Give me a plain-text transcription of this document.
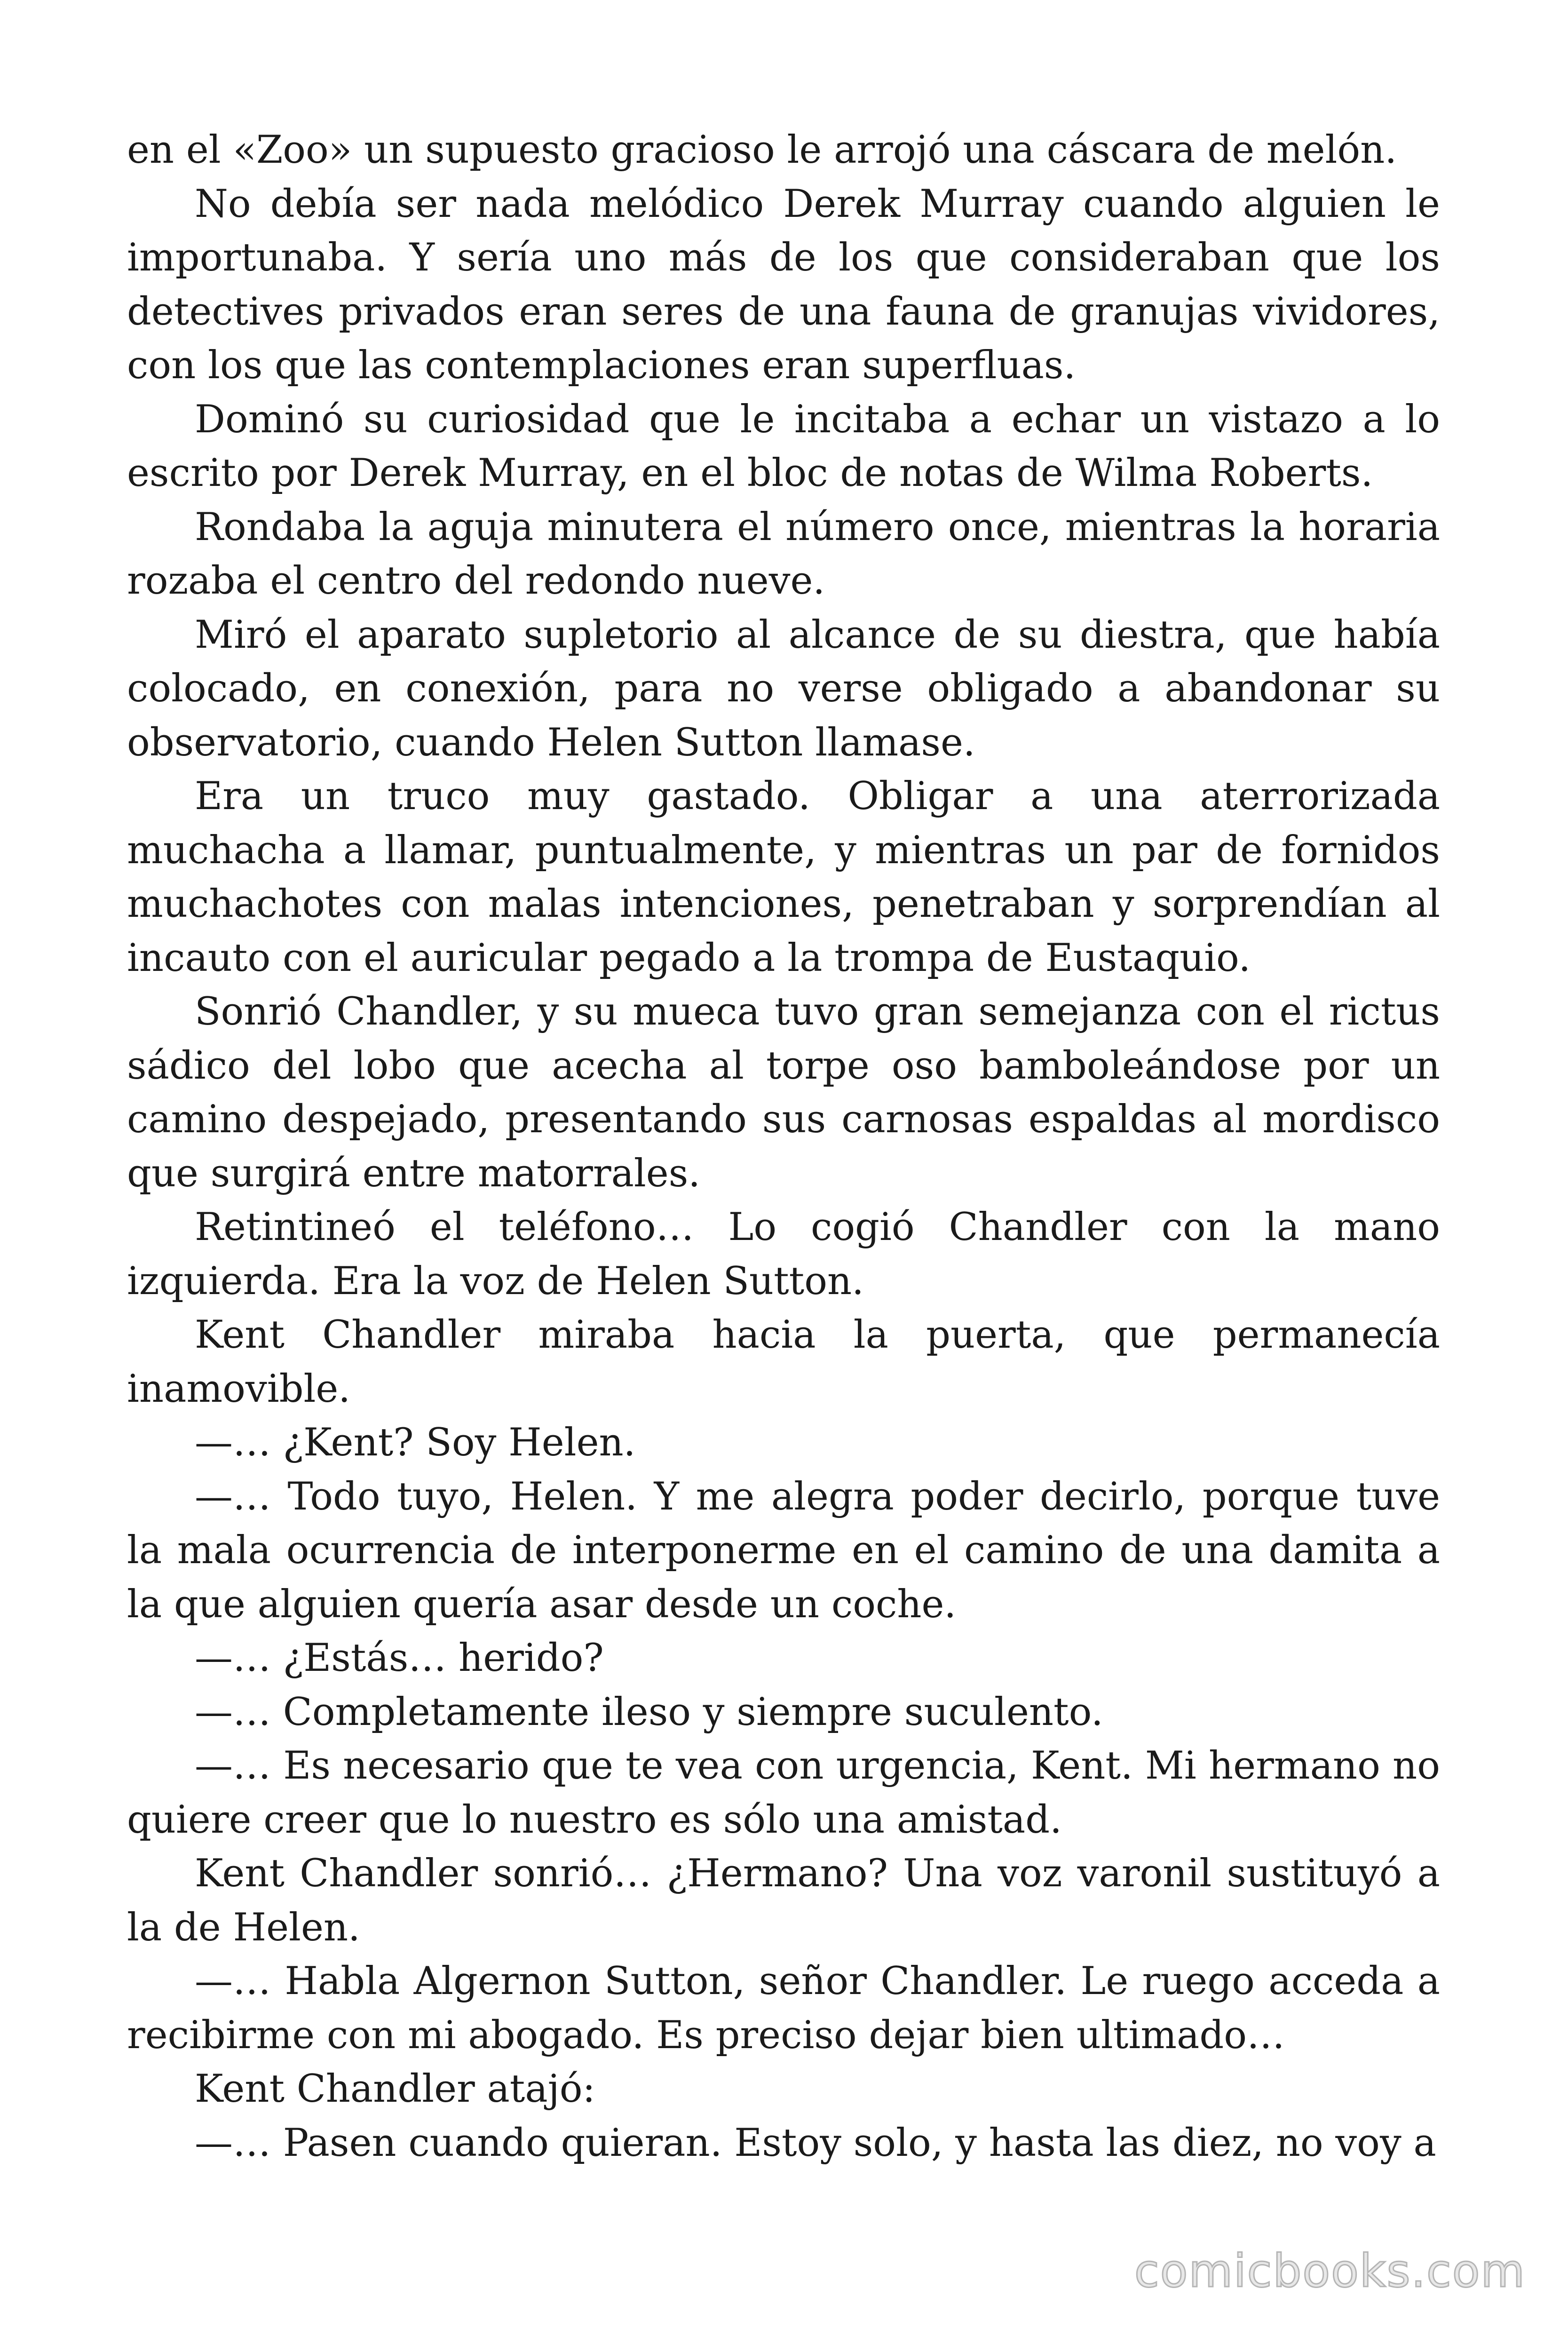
en el «Zoo» un supuesto gracioso le arrojó una cáscara de melón.

No debía ser nada melódico Derek Murray cuando alguien le importunaba. Y sería uno más de los que consideraban que los detectives privados eran seres de una fauna de granujas vividores, con los que las contemplaciones eran superfluas.

Dominó su curiosidad que le incitaba a echar un vistazo a lo escrito por Derek Murray, en el bloc de notas de Wilma Roberts.

Rondaba la aguja minutera el número once, mientras la horaria rozaba el centro del redondo nueve.

Miró el aparato supletorio al alcance de su diestra, que había colocado, en conexión, para no verse obligado a abandonar su observatorio, cuando Helen Sutton llamase.

Era un truco muy gastado. Obligar a una aterrorizada muchacha a llamar, puntualmente, y mientras un par de fornidos muchachotes con malas intenciones, penetraban y sorprendían al incauto con el auricular pegado a la trompa de Eustaquio.

Sonrió Chandler, y su mueca tuvo gran semejanza con el rictus sádico del lobo que acecha al torpe oso bamboleándose por un camino despejado, presentando sus carnosas espaldas al mordisco que surgirá entre matorrales.

Retintineó el teléfono… Lo cogió Chandler con la mano izquierda. Era la voz de Helen Sutton.

Kent Chandler miraba hacia la puerta, que permanecía inamovible.

—… ¿Kent? Soy Helen.

—… Todo tuyo, Helen. Y me alegra poder decirlo, porque tuve la mala ocurrencia de interponerme en el camino de una damita a la que alguien quería asar desde un coche.

—… ¿Estás… herido?

—… Completamente ileso y siempre suculento.

—… Es necesario que te vea con urgencia, Kent. Mi hermano no quiere creer que lo nuestro es sólo una amistad.

Kent Chandler sonrió… ¿Hermano? Una voz varonil sustituyó a la de Helen.

—… Habla Algernon Sutton, señor Chandler. Le ruego acceda a recibirme con mi abogado. Es preciso dejar bien ultimado…

Kent Chandler atajó:

—… Pasen cuando quieran. Estoy solo, y hasta las diez, no voy a

comicbooks.com
